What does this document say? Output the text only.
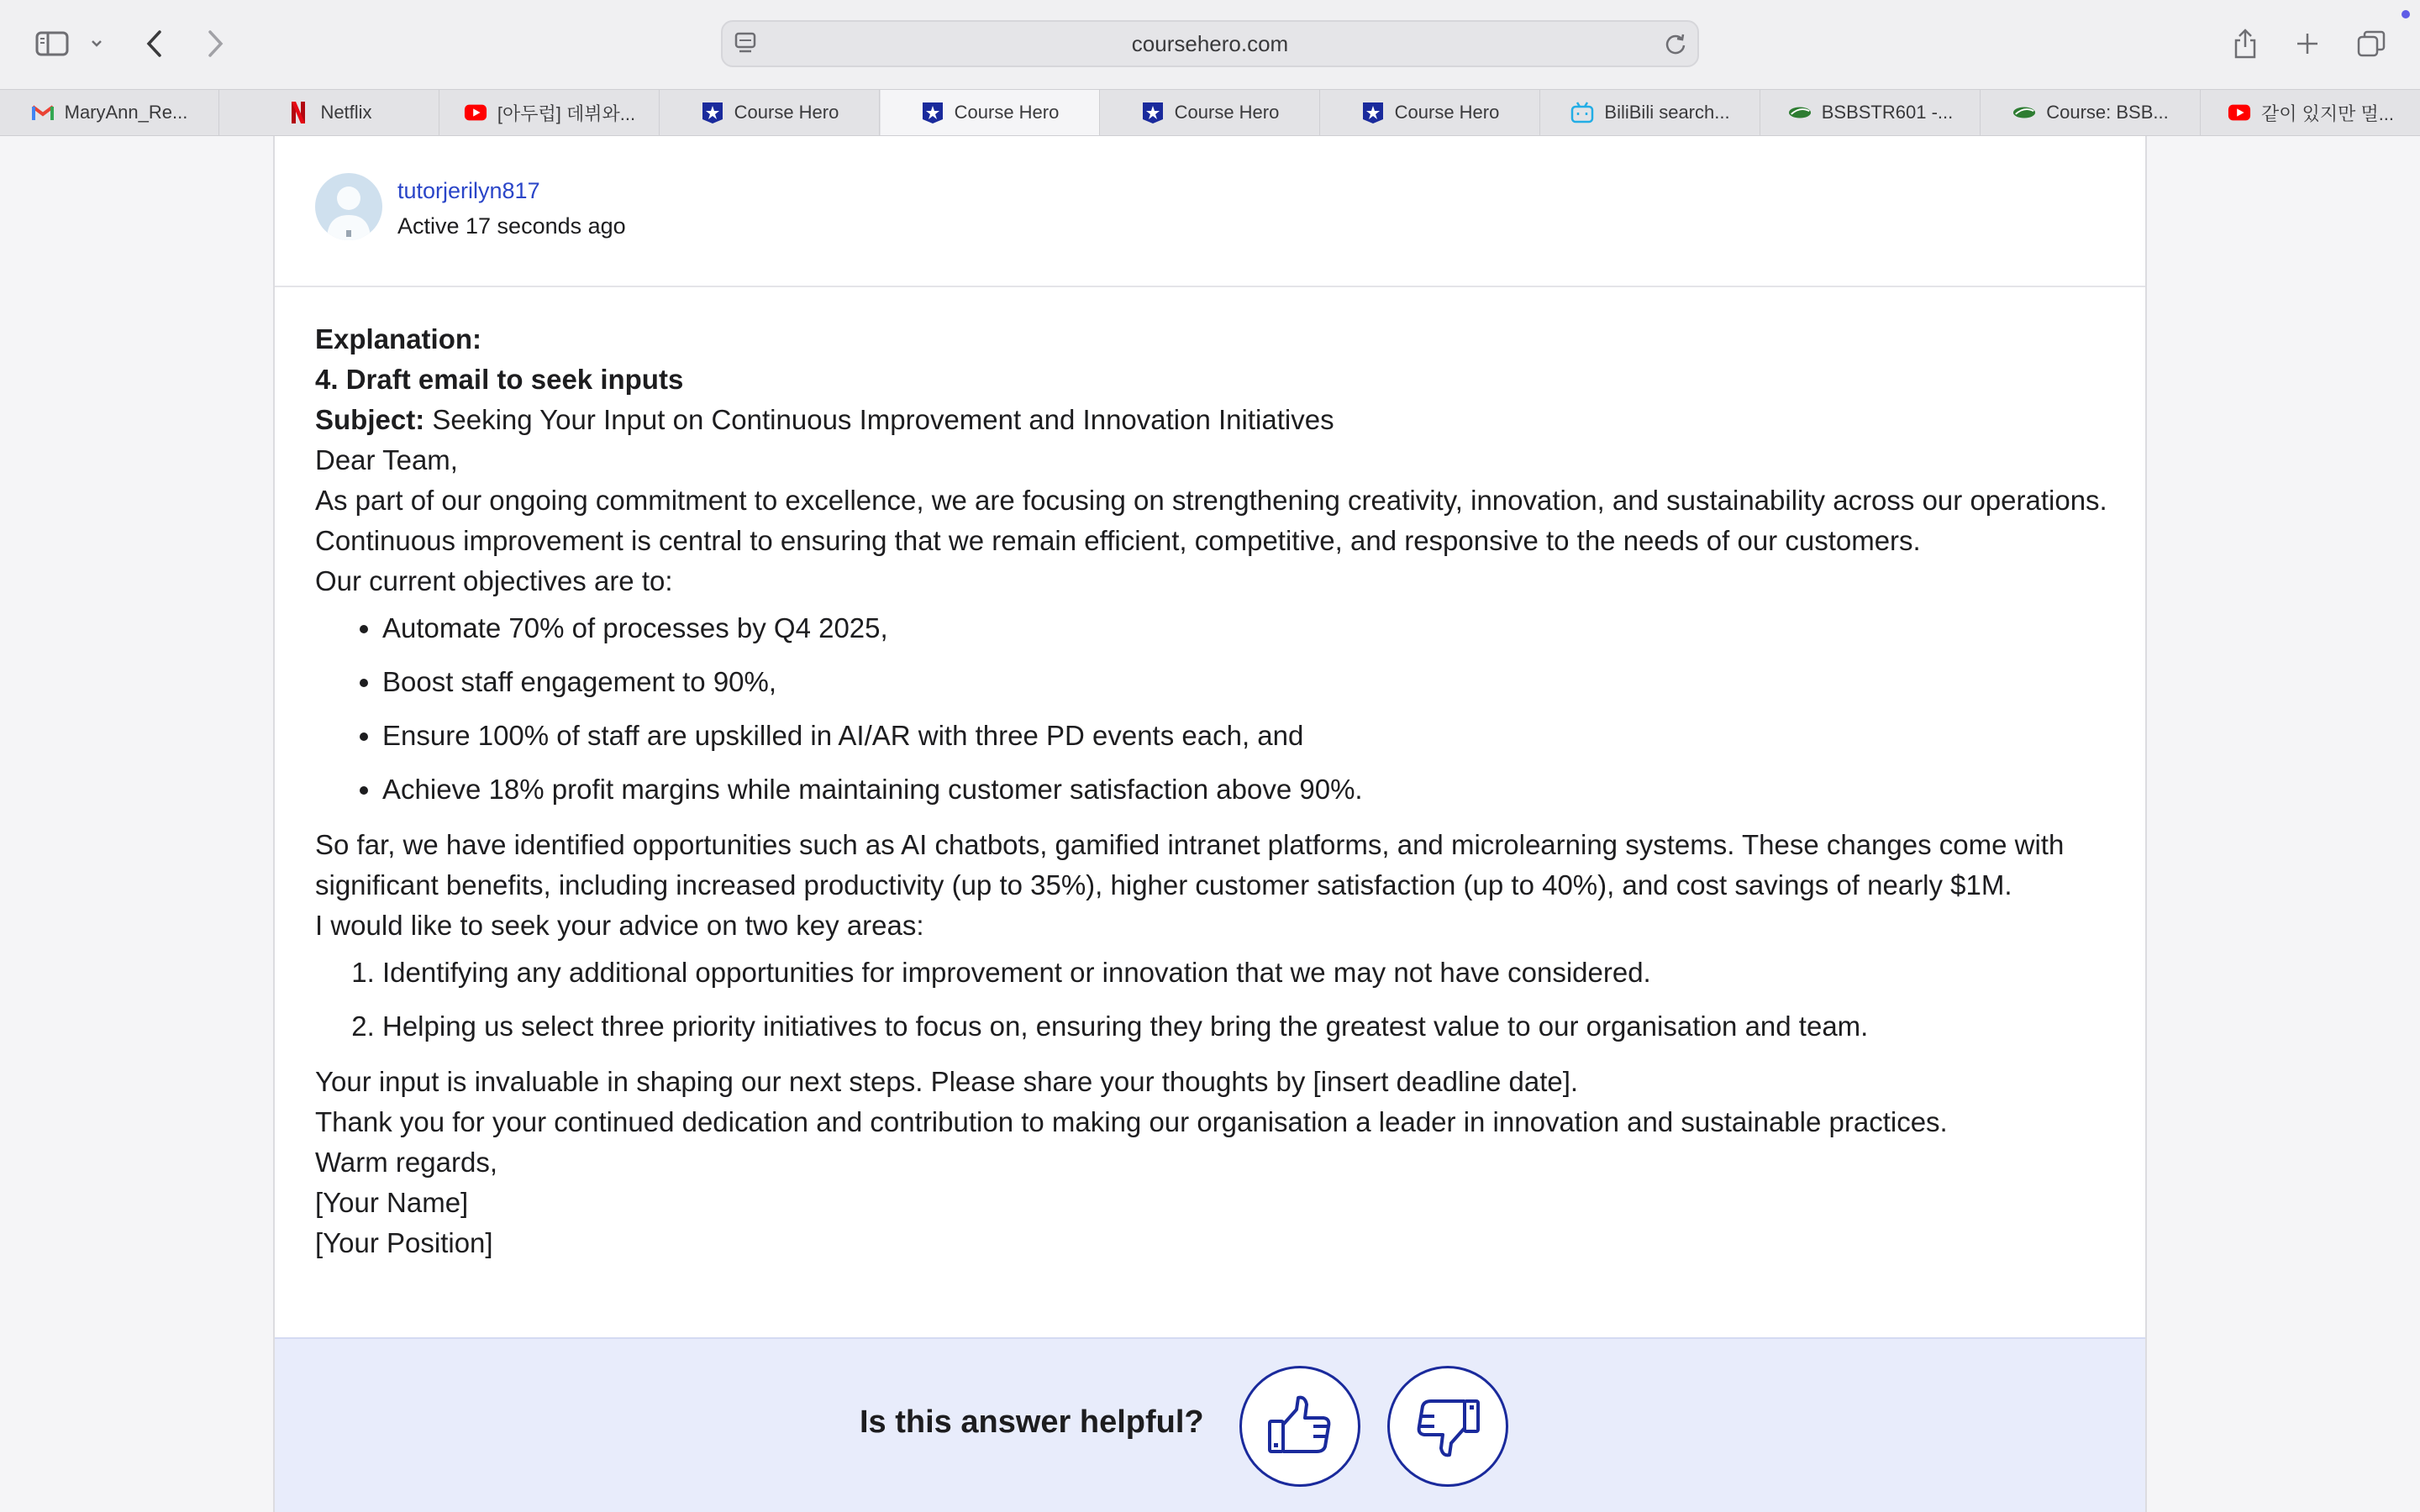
coursehero.com
MaryAnn_Re...	Netflix	[아두럽] 데뷔와...	Course Hero	Course Hero	Course Hero	Course Hero	BiliBili search...	BSBSTR601 -...	Course: BSB...	같이 있지만 멀...
tutorjerilyn817
Active 17 seconds ago

Explanation:

4. Draft email to seek inputs

Subject: Seeking Your Input on Continuous Improvement and Innovation Initiatives

Dear Team,

As part of our ongoing commitment to excellence, we are focusing on strengthening creativity, innovation, and sustainability across our operations. Continuous improvement is central to ensuring that we remain efficient, competitive, and responsive to the needs of our customers.

Our current objectives are to:

• Automate 70% of processes by Q4 2025,
• Boost staff engagement to 90%,
• Ensure 100% of staff are upskilled in AI/AR with three PD events each, and
• Achieve 18% profit margins while maintaining customer satisfaction above 90%.

So far, we have identified opportunities such as AI chatbots, gamified intranet platforms, and microlearning systems. These changes come with significant benefits, including increased productivity (up to 35%), higher customer satisfaction (up to 40%), and cost savings of nearly $1M.

I would like to seek your advice on two key areas:

1. Identifying any additional opportunities for improvement or innovation that we may not have considered.
2. Helping us select three priority initiatives to focus on, ensuring they bring the greatest value to our organisation and team.

Your input is invaluable in shaping our next steps. Please share your thoughts by [insert deadline date].

Thank you for your continued dedication and contribution to making our organisation a leader in innovation and sustainable practices.

Warm regards,

[Your Name]

[Your Position]

Is this answer helpful?
